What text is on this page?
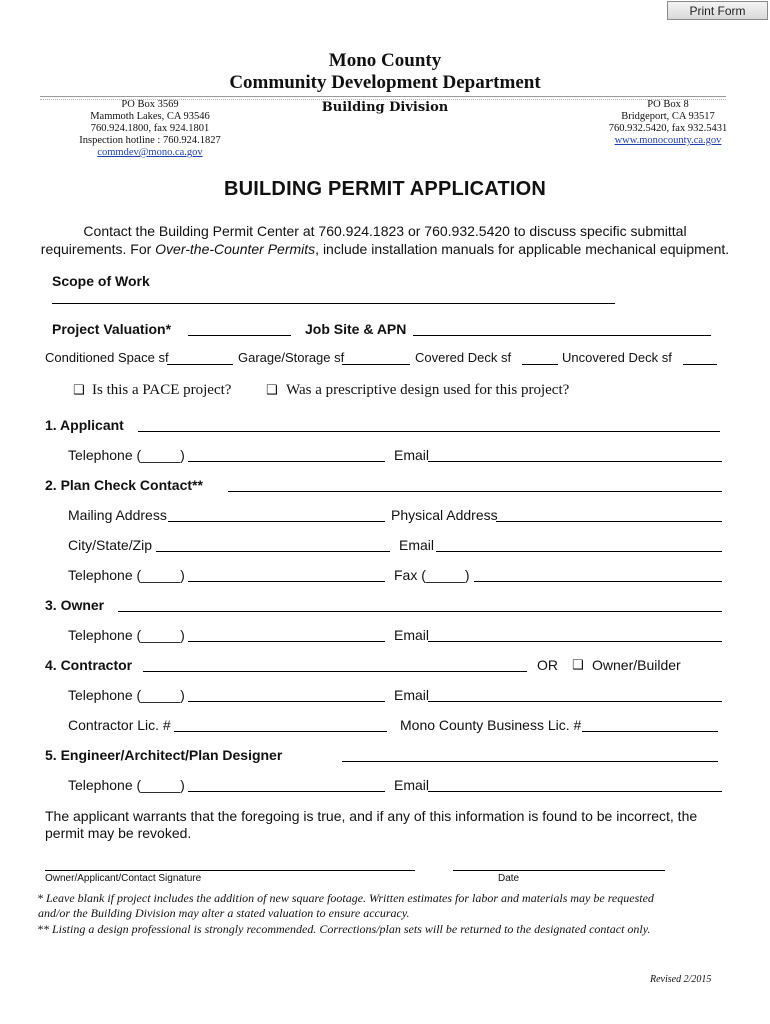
Print Form
Mono County
Community Development Department
PO Box 3569
Mammoth Lakes, CA 93546
760.924.1800, fax 924.1801
Inspection hotline : 760.924.1827
commdev@mono.ca.gov
Building Division	PO Box 8
Bridgeport, CA 93517
760.932.5420, fax 932.5431
www.monocounty.ca.gov
BUILDING PERMIT APPLICATION
Contact the Building Permit Center at 760.924.1823 or 760.932.5420 to discuss specific submittal
requirements. For Over-the-Counter Permits, include installation manuals for applicable mechanical equipment.
Scope of Work
Project Valuation*	Job Site & APN
Conditioned Space sf	Garage/Storage sf	Covered Deck sf	Uncovered Deck sf
❑ Is this a PACE project?	❑ Was a prescriptive design used for this project?
1. Applicant
Telephone (_____)	Email
2. Plan Check Contact**
Mailing Address	Physical Address
City/State/Zip	Email
Telephone (_____)	Fax (_____)
3. Owner
Telephone (_____)	Email
4. Contractor	OR ❑ Owner/Builder
Telephone (_____)	Email
Contractor Lic. #	Mono County Business Lic. #
5. Engineer/Architect/Plan Designer
Telephone (_____)	Email
The applicant warrants that the foregoing is true, and if any of this information is found to be incorrect, the
permit may be revoked.
Owner/Applicant/Contact Signature	Date
* Leave blank if project includes the addition of new square footage. Written estimates for labor and materials may be requested
and/or the Building Division may alter a stated valuation to ensure accuracy.
** Listing a design professional is strongly recommended. Corrections/plan sets will be returned to the designated contact only.
Revised 2/2015
